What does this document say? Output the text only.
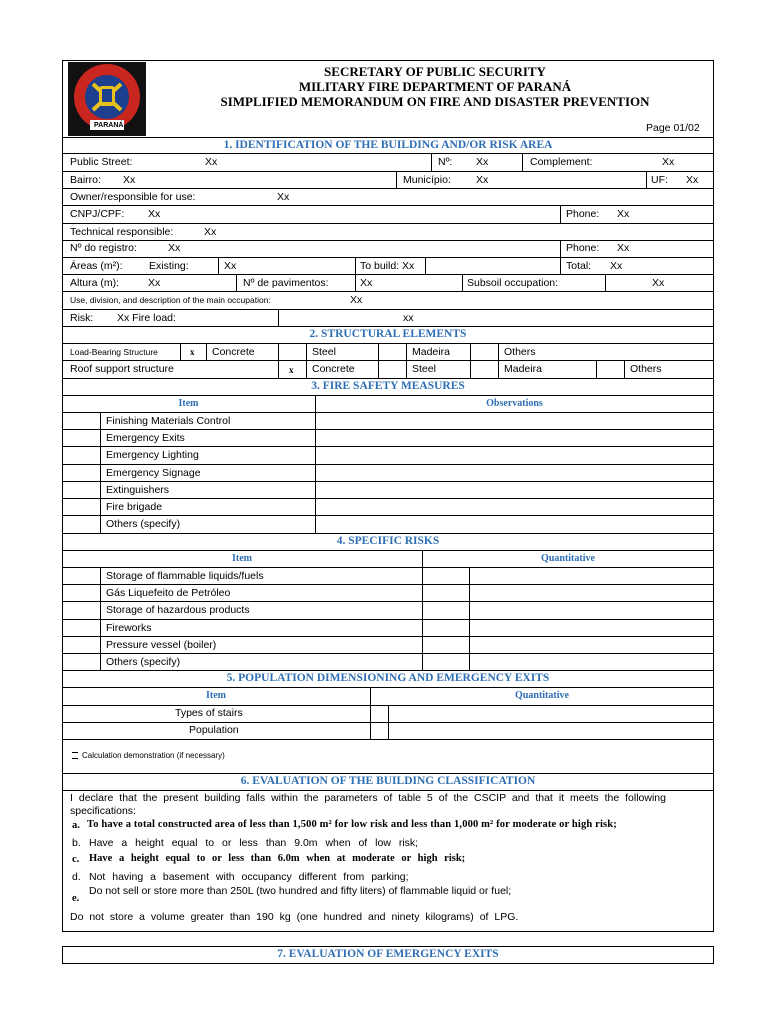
PARANÁ
SECRETARY OF PUBLIC SECURITY
MILITARY FIRE DEPARTMENT OF PARANÁ
SIMPLIFIED MEMORANDUM ON FIRE AND DISASTER PREVENTION
Page 01/02
1. IDENTIFICATION OF THE BUILDING AND/OR RISK AREA
Public Street:	Xx	Nº: Xx	Complement:	Xx
Bairro: Xx	Município: Xx	UF: Xx
Owner/responsible for use:	Xx
CNPJ/CPF: Xx	Phone: Xx
Technical responsible:	Xx
Nº do registro:	Xx	Phone: Xx
Áreas (m²):	Existing:	Xx	To build: Xx	Total: Xx
Altura (m):	Xx	Nº de pavimentos:	Xx	Subsoil occupation:	Xx
Use, division, and description of the main occupation:	Xx
Risk: Xx Fire load:	xx
2. STRUCTURAL ELEMENTS
Load-Bearing Structure	x Concrete	Steel	Madeira	Others
Roof support structure	x Concrete	Steel	Madeira	Others
3. FIRE SAFETY MEASURES
Item	Observations
Finishing Materials Control
Emergency Exits
Emergency Lighting
Emergency Signage
Extinguishers
Fire brigade
Others (specify)
4. SPECIFIC RISKS
Item	Quantitative
Storage of flammable liquids/fuels
Gás Liquefeito de Petróleo
Storage of hazardous products
Fireworks
Pressure vessel (boiler)
Others (specify)
5. POPULATION DIMENSIONING AND EMERGENCY EXITS
Item	Quantitative
Types of stairs
Population
Calculation demonstration (if necessary)
6. EVALUATION OF THE BUILDING CLASSIFICATION
I declare that the present building falls within the parameters of table 5 of the CSCIP and that it meets the following specifications:
a. To have a total constructed area of less than 1,500 m² for low risk and less than 1,000 m² for moderate or high risk;
b. Have a height equal to or less than 9.0m when of low risk;
c. Have a height equal to or less than 6.0m when at moderate or high risk;
d. Not having a basement with occupancy different from parking;
e.
Do not sell or store more than 250L (two hundred and fifty liters) of flammable liquid or fuel;
Do not store a volume greater than 190 kg (one hundred and ninety kilograms) of LPG.
7. EVALUATION OF EMERGENCY EXITS
